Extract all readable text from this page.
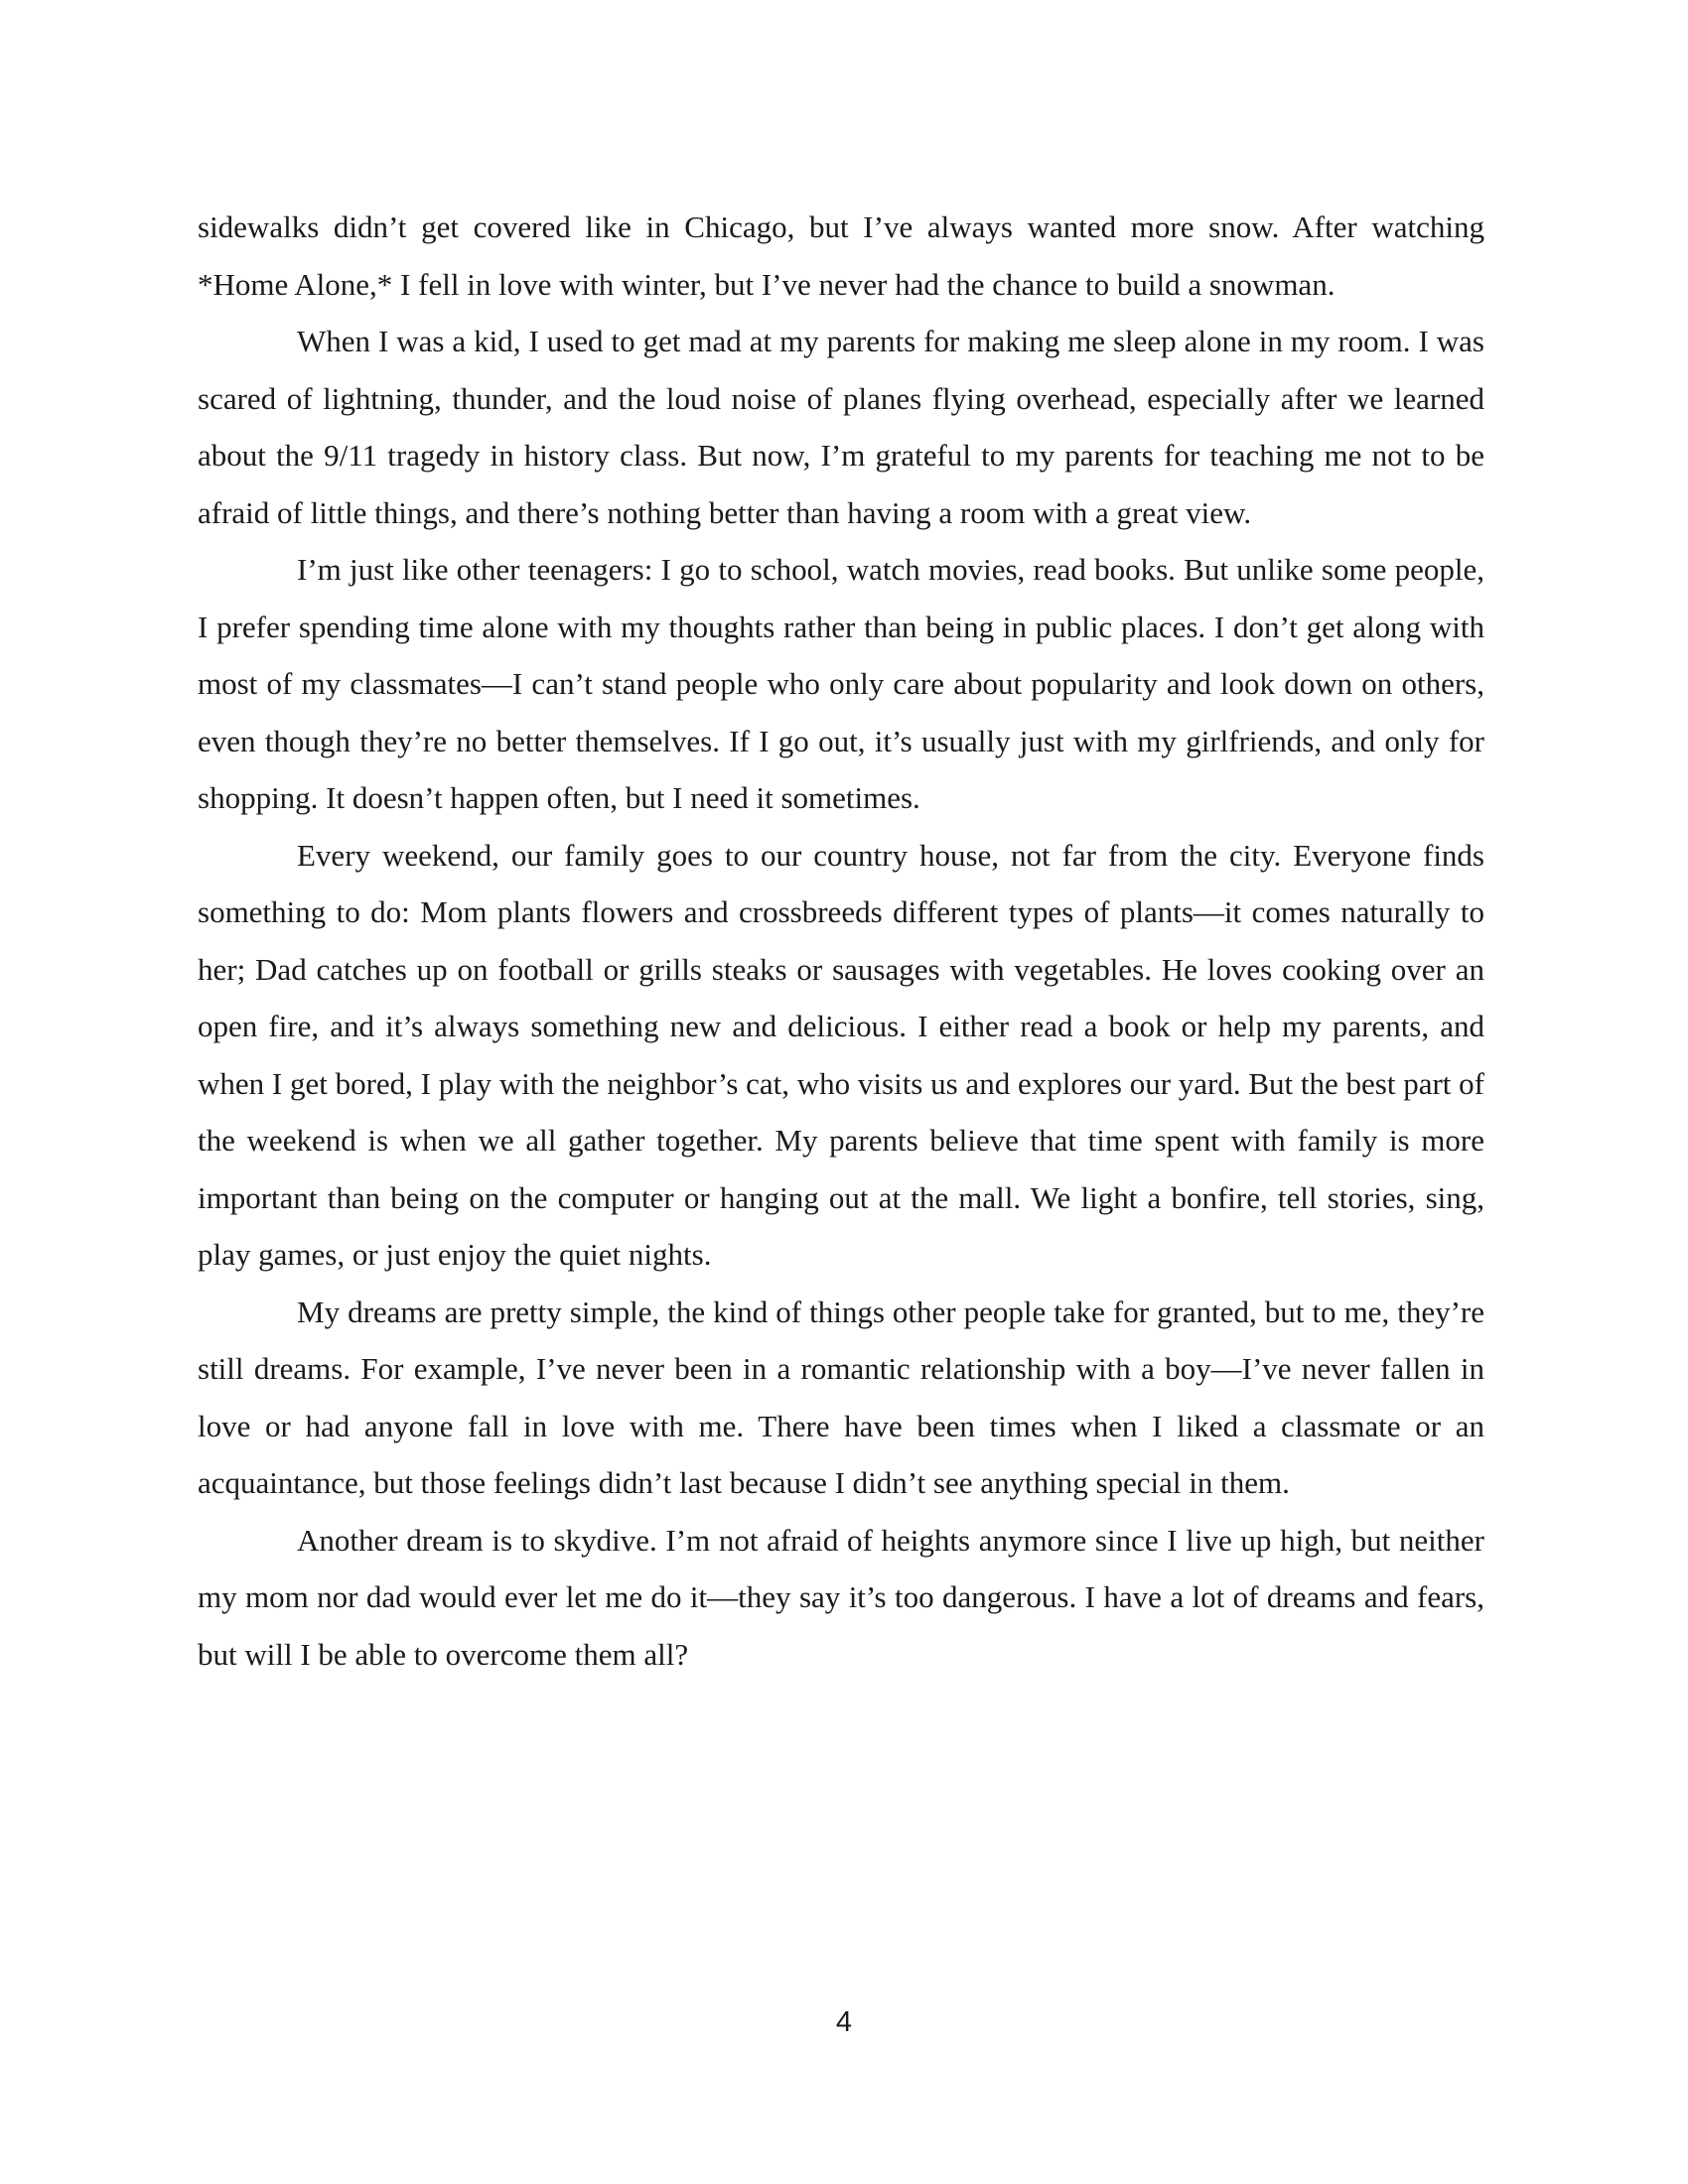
sidewalks didn’t get covered like in Chicago, but I’ve always wanted more snow. After watching *Home Alone,* I fell in love with winter, but I’ve never had the chance to build a snowman.

When I was a kid, I used to get mad at my parents for making me sleep alone in my room. I was scared of lightning, thunder, and the loud noise of planes flying overhead, especially after we learned about the 9/11 tragedy in history class. But now, I’m grateful to my parents for teaching me not to be afraid of little things, and there’s nothing better than having a room with a great view.

I’m just like other teenagers: I go to school, watch movies, read books. But unlike some people, I prefer spending time alone with my thoughts rather than being in public places. I don’t get along with most of my classmates—I can’t stand people who only care about popularity and look down on others, even though they’re no better themselves. If I go out, it’s usually just with my girlfriends, and only for shopping. It doesn’t happen often, but I need it sometimes.

Every weekend, our family goes to our country house, not far from the city. Everyone finds something to do: Mom plants flowers and crossbreeds different types of plants—it comes naturally to her; Dad catches up on football or grills steaks or sausages with vegetables. He loves cooking over an open fire, and it’s always something new and delicious. I either read a book or help my parents, and when I get bored, I play with the neighbor’s cat, who visits us and explores our yard. But the best part of the weekend is when we all gather together. My parents believe that time spent with family is more important than being on the computer or hanging out at the mall. We light a bonfire, tell stories, sing, play games, or just enjoy the quiet nights.

My dreams are pretty simple, the kind of things other people take for granted, but to me, they’re still dreams. For example, I’ve never been in a romantic relationship with a boy—I’ve never fallen in love or had anyone fall in love with me. There have been times when I liked a classmate or an acquaintance, but those feelings didn’t last because I didn’t see anything special in them.

Another dream is to skydive. I’m not afraid of heights anymore since I live up high, but neither my mom nor dad would ever let me do it—they say it’s too dangerous. I have a lot of dreams and fears, but will I be able to overcome them all?

4
